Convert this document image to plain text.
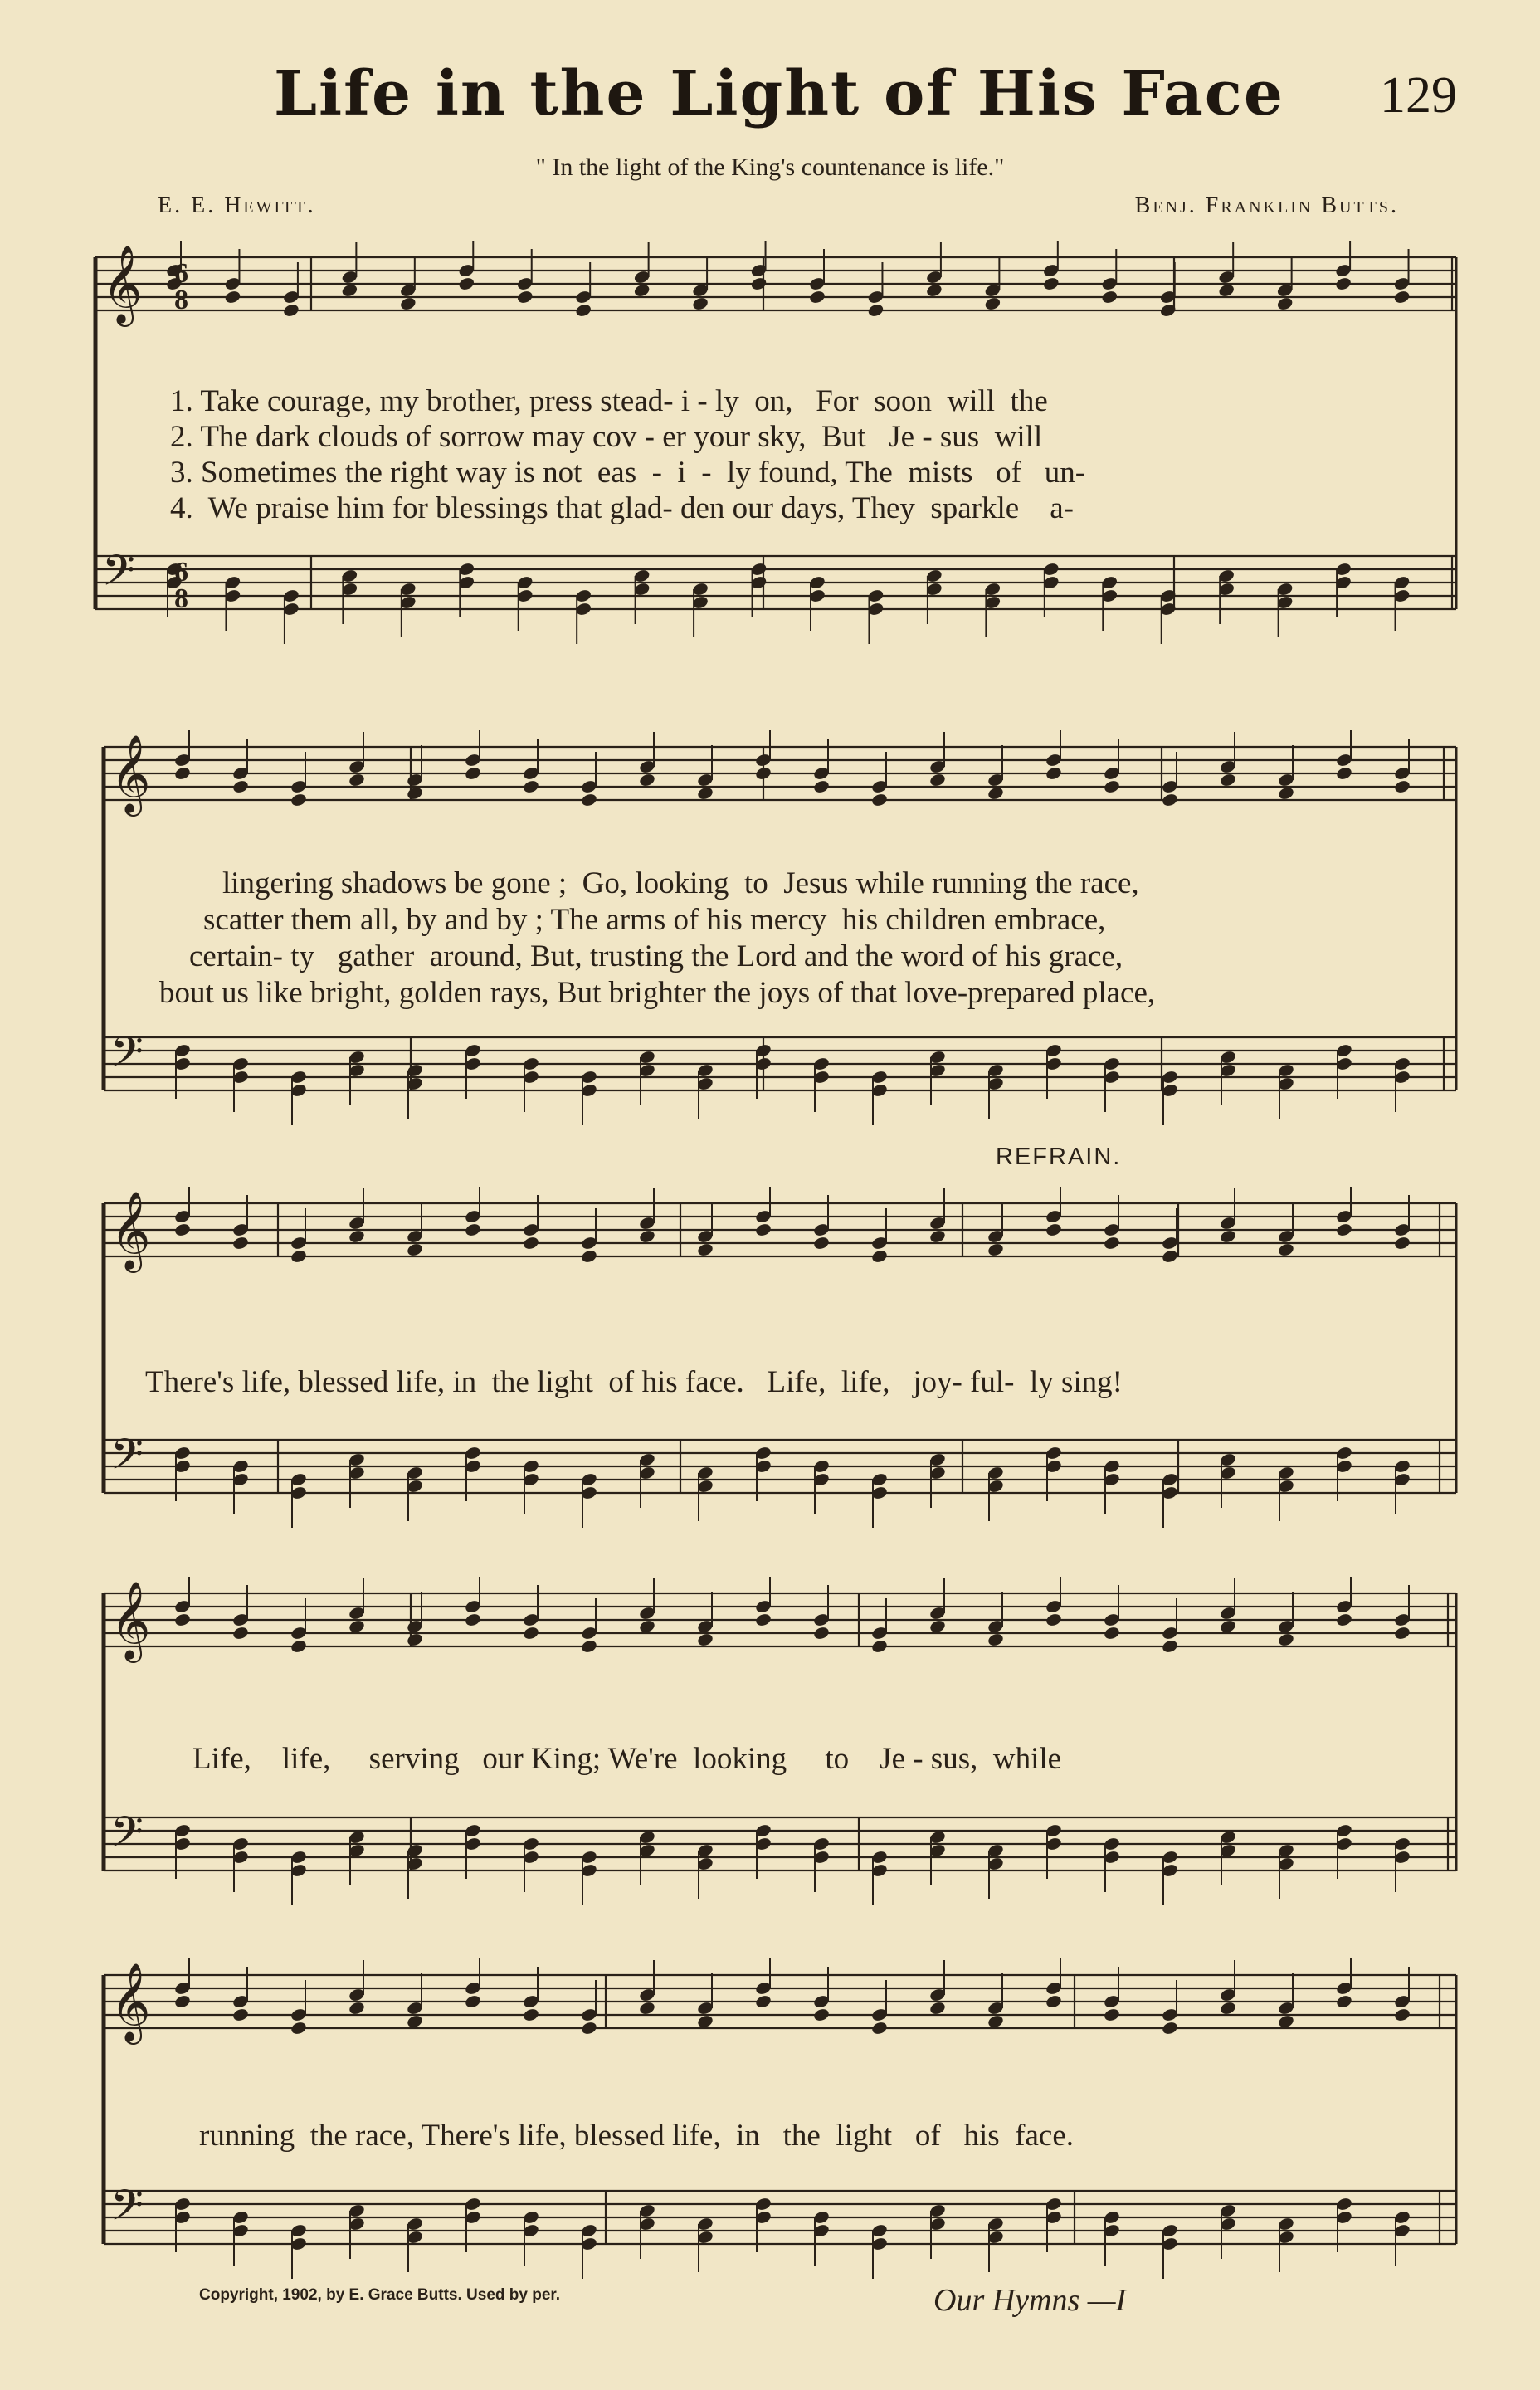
Life in the Light of His Face	129
" In the light of the King's countenance is life."
E. E. Hewitt.	Benj. Franklin Butts.
𝄞
𝄢
6
8
6
8
1. Take courage, my brother, press stead- i - ly  on,   For  soon  will  the
2. The dark clouds of sorrow may cov - er your sky,  But   Je - sus  will
3. Sometimes the right way is not  eas  -  i  -  ly found, The  mists   of   un-
4.  We praise him for blessings that glad- den our days, They  sparkle    a-
𝄞
𝄢
lingering shadows be gone ;  Go, looking  to  Jesus while running the race,
scatter them all, by and by ; The arms of his mercy  his children embrace,
certain- ty   gather  around, But, trusting the Lord and the word of his grace,
bout us like bright, golden rays, But brighter the joys of that love-prepared place,
REFRAIN.
𝄞
𝄢
There's life, blessed life, in  the light  of his face.   Life,  life,   joy- ful-  ly sing!
𝄞
𝄢
Life,    life,     serving   our King; We're  looking     to    Je - sus,  while
𝄞
𝄢
running  the race, There's life, blessed life,  in   the  light   of   his  face.
Copyright, 1902, by E. Grace Butts. Used by per.	Our Hymns —I
